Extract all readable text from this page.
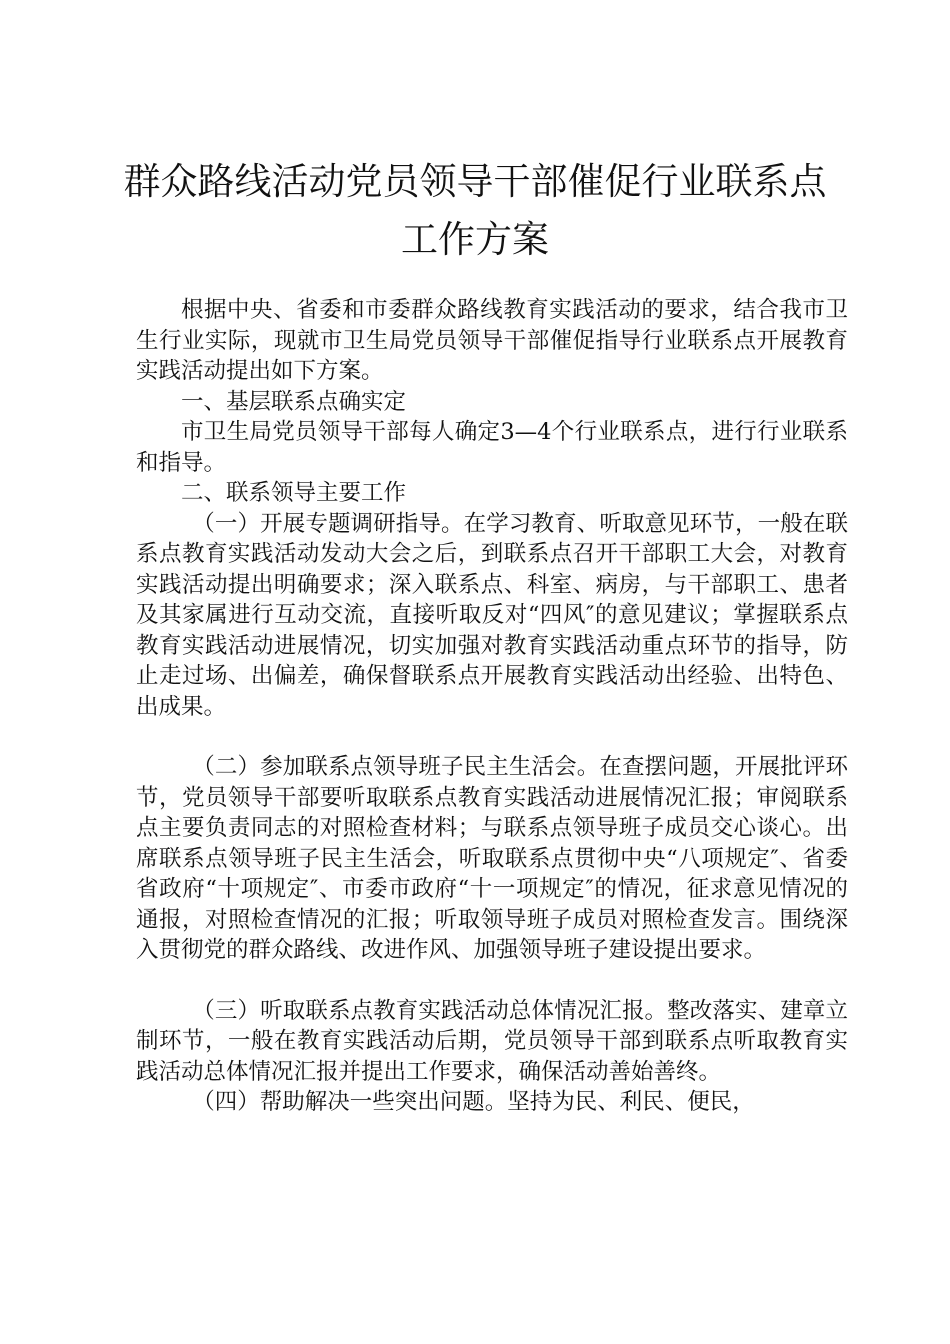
群众路线活动党员领导干部催促行业联系点
工作方案

根据中央、省委和市委群众路线教育实践活动的要求，结合我市卫生行业实际，现就市卫生局党员领导干部催促指导行业联系点开展教育实践活动提出如下方案。

一、基层联系点确实定

市卫生局党员领导干部每人确定3—4个行业联系点，进行行业联系和指导。

二、联系领导主要工作

（一）开展专题调研指导。在学习教育、听取意见环节，一般在联系点教育实践活动发动大会之后，到联系点召开干部职工大会，对教育实践活动提出明确要求；深入联系点、科室、病房，与干部职工、患者及其家属进行互动交流，直接听取反对“四风″的意见建议；掌握联系点教育实践活动进展情况，切实加强对教育实践活动重点环节的指导，防止走过场、出偏差，确保督联系点开展教育实践活动出经验、出特色、出成果。

（二）参加联系点领导班子民主生活会。在查摆问题，开展批评环节，党员领导干部要听取联系点教育实践活动进展情况汇报；审阅联系点主要负责同志的对照检查材料；与联系点领导班子成员交心谈心。出席联系点领导班子民主生活会，听取联系点贯彻中央“八项规定″、省委省政府“十项规定″、市委市政府“十一项规定″的情况，征求意见情况的通报，对照检查情况的汇报；听取领导班子成员对照检查发言。围绕深入贯彻党的群众路线、改进作风、加强领导班子建设提出要求。

（三）听取联系点教育实践活动总体情况汇报。整改落实、建章立制环节，一般在教育实践活动后期，党员领导干部到联系点听取教育实践活动总体情况汇报并提出工作要求，确保活动善始善终。

（四）帮助解决一些突出问题。坚持为民、利民、便民，
